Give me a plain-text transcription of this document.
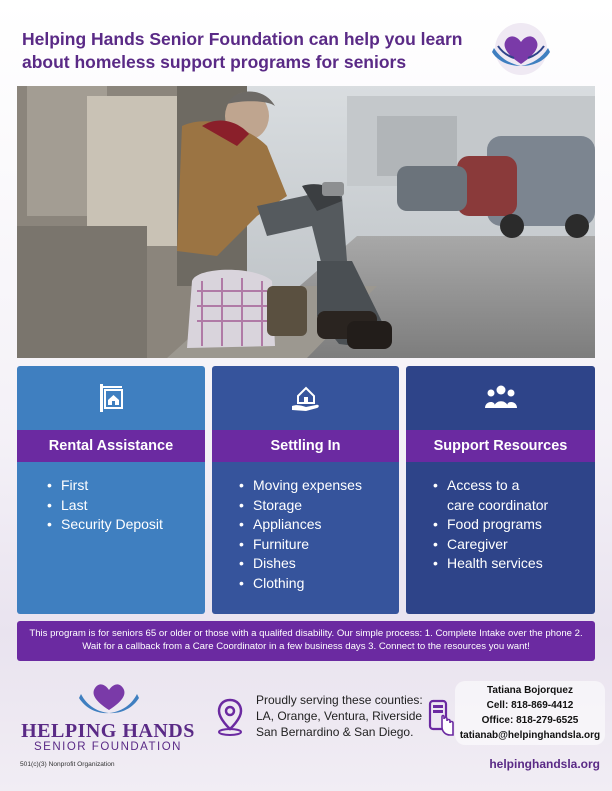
Helping Hands Senior Foundation can help you learn about homeless support programs for seniors
Rental Assistance
• First
• Last
• Security Deposit
Settling In
• Moving expenses
• Storage
• Appliances
• Furniture
• Dishes
• Clothing
Support Resources
• Access to a
care coordinator
• Food programs
• Caregiver
• Health services
This program is for seniors 65 or older or those with a qualifed disability. Our simple process: 1. Complete Intake over the phone 2. Wait for a callback from a Care Coordinator in a few business days 3. Connect to the resources you want!
HELPING HANDS
SENIOR FOUNDATION
501(c)(3) Nonprofit Organization
Proudly serving these counties:
LA, Orange, Ventura, Riverside
San Bernardino & San Diego.
Tatiana Bojorquez
Cell: 818-869-4412
Office: 818-279-6525
tatianab@helpinghandsla.org
helpinghandsla.org
